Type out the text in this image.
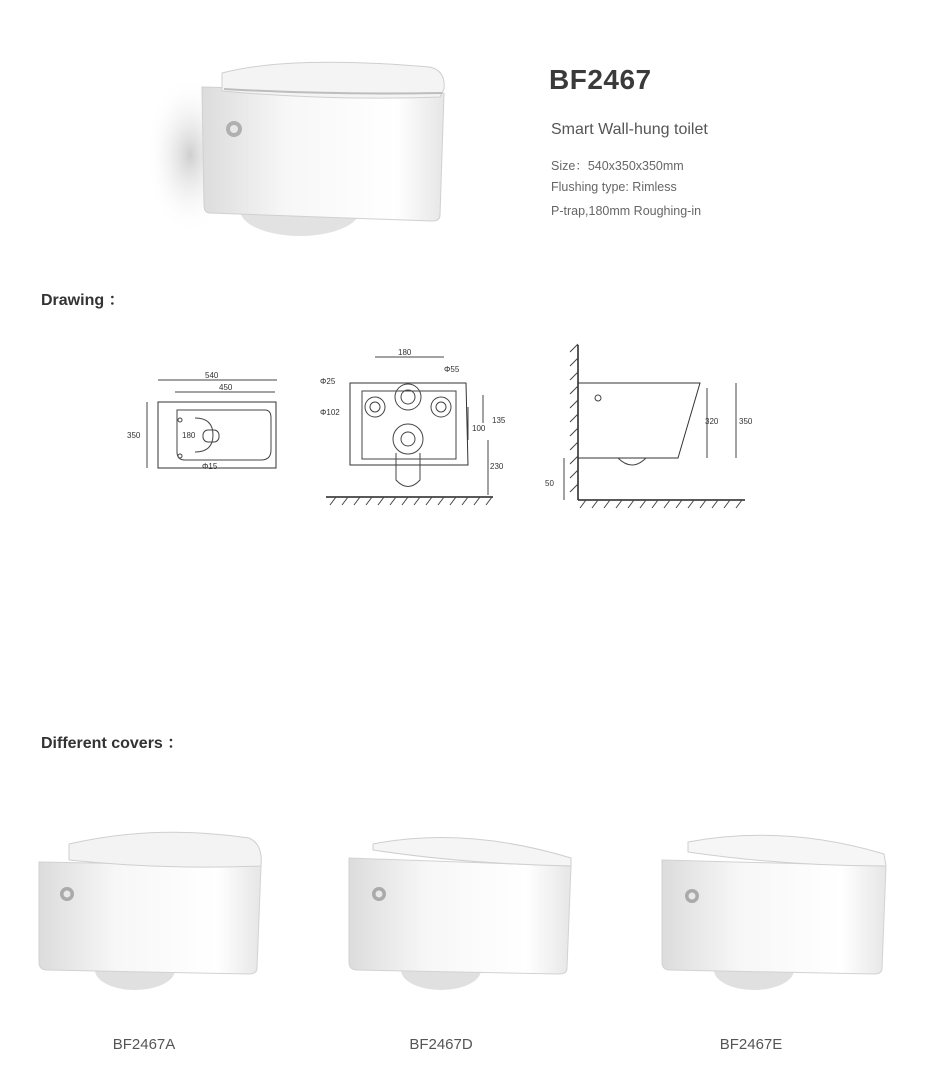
BF2467
Smart Wall-hung toilet
Size：540x350x350mm
Flushing type: Rimless
P-trap,180mm Roughing-in
Drawing ：
540
450
350	180
Φ15
180
Φ55
Φ25
Φ102
135
100
230
320	350
50
Different covers ：
BF2467A	BF2467D	BF2467E
